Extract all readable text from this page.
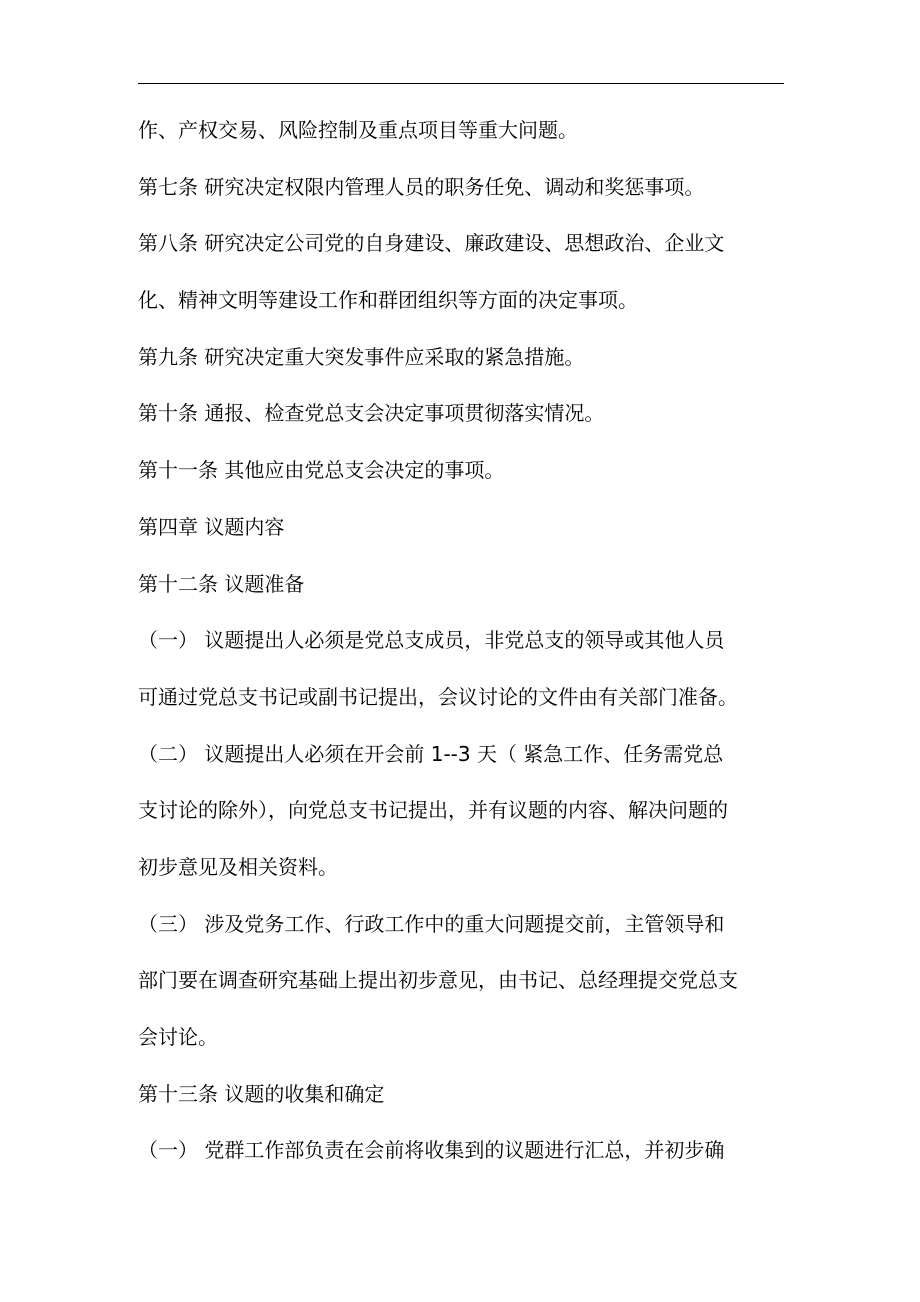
作、产权交易、风险控制及重点项目等重大问题。
第七条 研究决定权限内管理人员的职务任免、调动和奖惩事项。
第八条 研究决定公司党的自身建设、廉政建设、思想政治、企业文
化、精神文明等建设工作和群团组织等方面的决定事项。
第九条 研究决定重大突发事件应采取的紧急措施。
第十条 通报、检查党总支会决定事项贯彻落实情况。
第十一条 其他应由党总支会决定的事项。
第四章 议题内容
第十二条 议题准备
（一） 议题提出人必须是党总支成员，非党总支的领导或其他人员
可通过党总支书记或副书记提出，会议讨论的文件由有关部门准备。
（二） 议题提出人必须在开会前 1--3 天（ 紧急工作、任务需党总
支讨论的除外），向党总支书记提出，并有议题的内容、解决问题的
初步意见及相关资料。
（三） 涉及党务工作、行政工作中的重大问题提交前，主管领导和
部门要在调查研究基础上提出初步意见，由书记、总经理提交党总支
会讨论。
第十三条 议题的收集和确定
（一） 党群工作部负责在会前将收集到的议题进行汇总，并初步确
